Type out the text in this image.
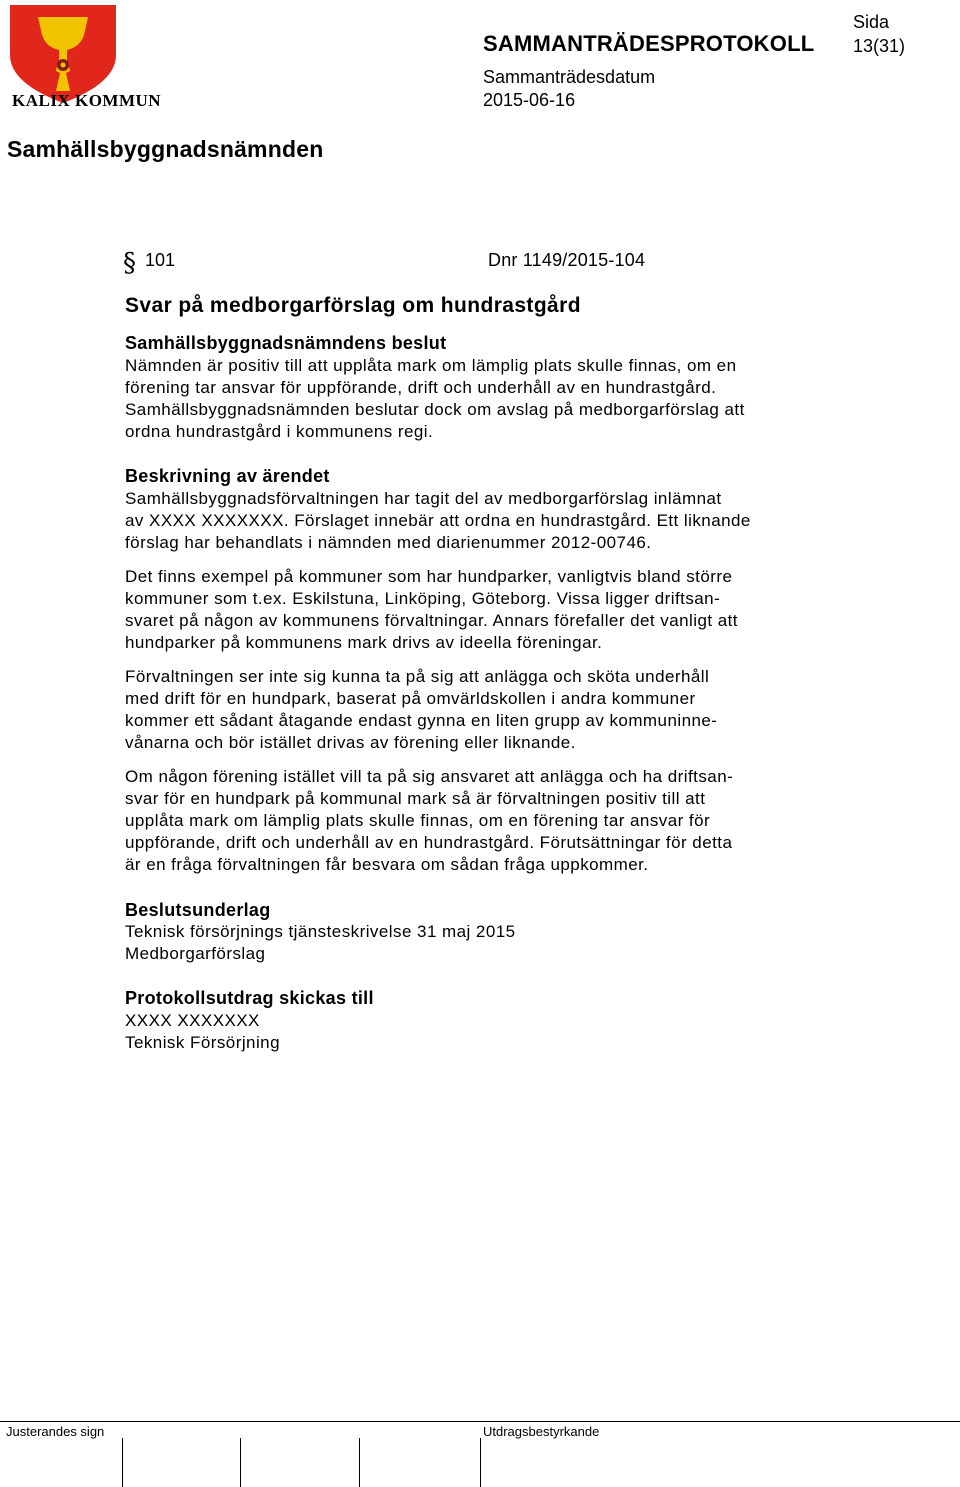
KALIX KOMMUN
SAMMANTRÄDESPROTOKOLL
Sida
13(31)
Sammanträdesdatum
2015-06-16
Samhällsbyggnadsnämnden
§ 101	Dnr 1149/2015-104
Svar på medborgarförslag om hundrastgård
Samhällsbyggnadsnämndens beslut
Nämnden är positiv till att upplåta mark om lämplig plats skulle finnas, om en
förening tar ansvar för uppförande, drift och underhåll av en hundrastgård.
Samhällsbyggnadsnämnden beslutar dock om avslag på medborgarförslag att
ordna hundrastgård i kommunens regi.
Beskrivning av ärendet
Samhällsbyggnadsförvaltningen har tagit del av medborgarförslag inlämnat
av XXXX XXXXXXX. Förslaget innebär att ordna en hundrastgård. Ett liknande
förslag har behandlats i nämnden med diarienummer 2012-00746.
Det finns exempel på kommuner som har hundparker, vanligtvis bland större
kommuner som t.ex. Eskilstuna, Linköping, Göteborg. Vissa ligger driftsan-
svaret på någon av kommunens förvaltningar. Annars förefaller det vanligt att
hundparker på kommunens mark drivs av ideella föreningar.
Förvaltningen ser inte sig kunna ta på sig att anlägga och sköta underhåll
med drift för en hundpark, baserat på omvärldskollen i andra kommuner
kommer ett sådant åtagande endast gynna en liten grupp av kommuninne-
vånarna och bör istället drivas av förening eller liknande.
Om någon förening istället vill ta på sig ansvaret att anlägga och ha driftsan-
svar för en hundpark på kommunal mark så är förvaltningen positiv till att
upplåta mark om lämplig plats skulle finnas, om en förening tar ansvar för
uppförande, drift och underhåll av en hundrastgård. Förutsättningar för detta
är en fråga förvaltningen får besvara om sådan fråga uppkommer.
Beslutsunderlag
Teknisk försörjnings tjänsteskrivelse 31 maj 2015
Medborgarförslag
Protokollsutdrag skickas till
XXXX XXXXXXX
Teknisk Försörjning
Justerandes sign	Utdragsbestyrkande
